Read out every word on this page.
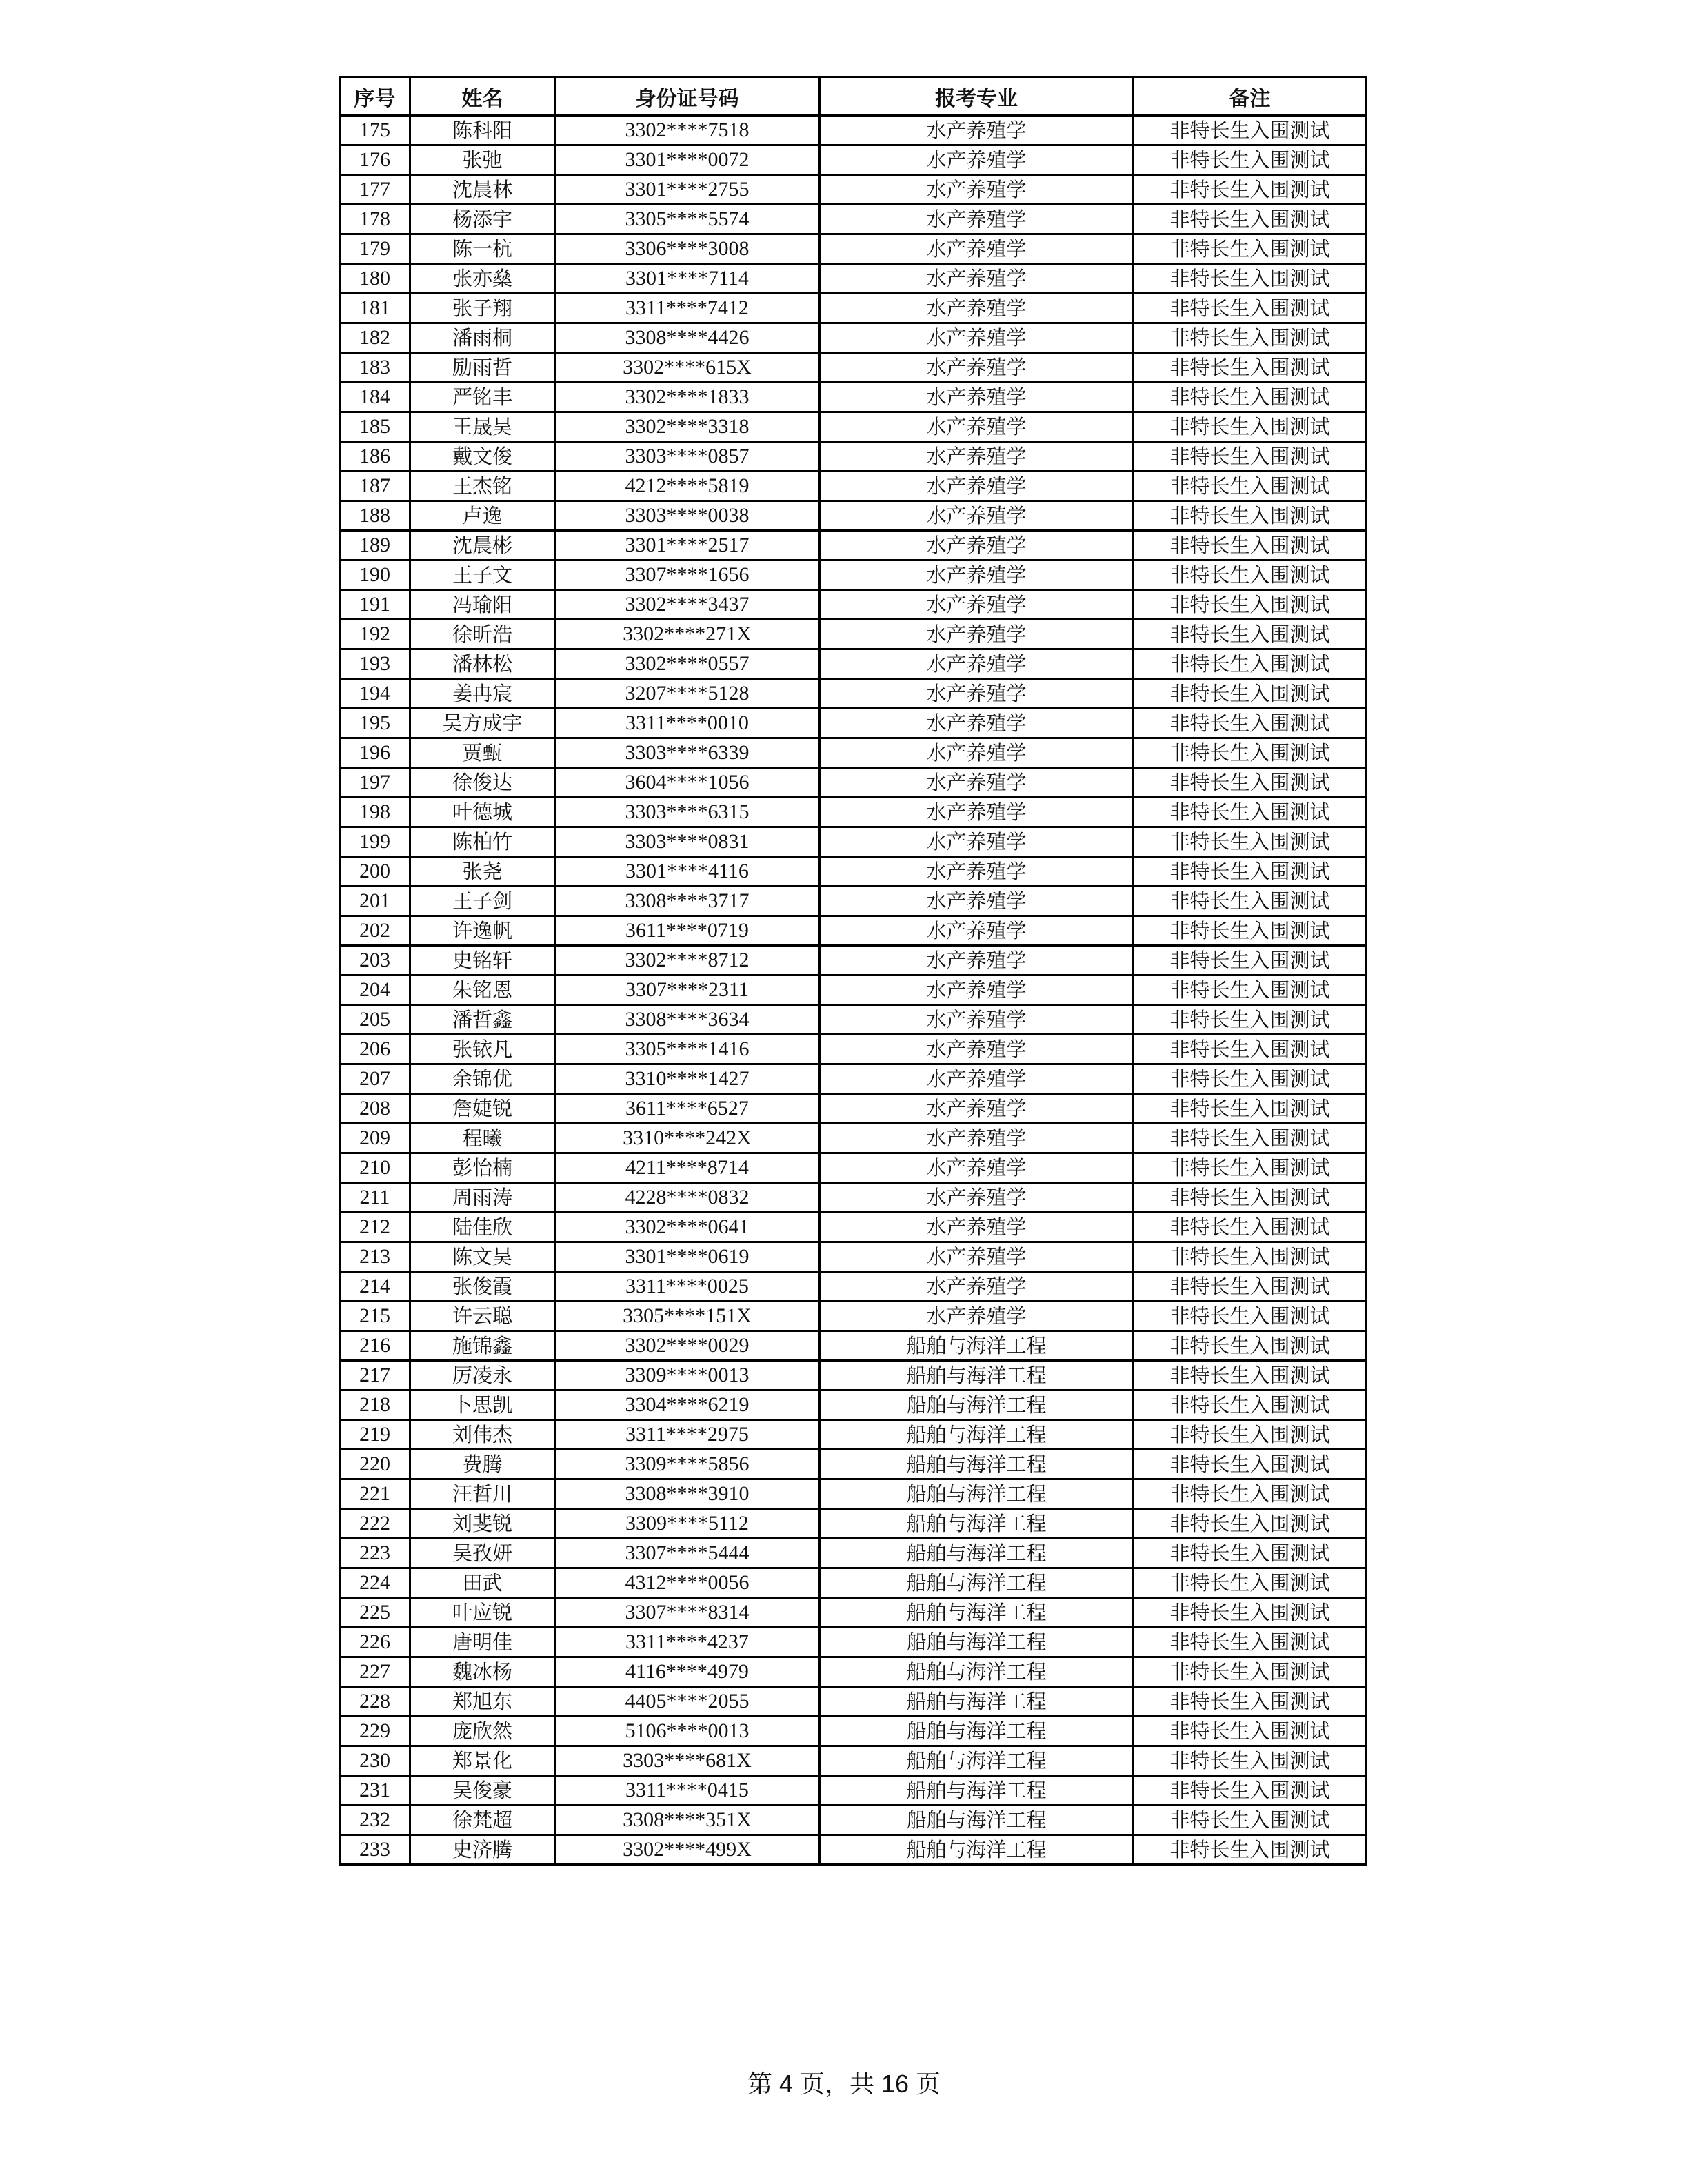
序号	姓名	身份证号码	报考专业	备注
175	陈科阳	3302****7518	水产养殖学	非特长生入围测试
176	张弛	3301****0072	水产养殖学	非特长生入围测试
177	沈晨林	3301****2755	水产养殖学	非特长生入围测试
178	杨添宇	3305****5574	水产养殖学	非特长生入围测试
179	陈一杭	3306****3008	水产养殖学	非特长生入围测试
180	张亦燊	3301****7114	水产养殖学	非特长生入围测试
181	张子翔	3311****7412	水产养殖学	非特长生入围测试
182	潘雨桐	3308****4426	水产养殖学	非特长生入围测试
183	励雨哲	3302****615X	水产养殖学	非特长生入围测试
184	严铭丰	3302****1833	水产养殖学	非特长生入围测试
185	王晟昊	3302****3318	水产养殖学	非特长生入围测试
186	戴文俊	3303****0857	水产养殖学	非特长生入围测试
187	王杰铭	4212****5819	水产养殖学	非特长生入围测试
188	卢逸	3303****0038	水产养殖学	非特长生入围测试
189	沈晨彬	3301****2517	水产养殖学	非特长生入围测试
190	王子文	3307****1656	水产养殖学	非特长生入围测试
191	冯瑜阳	3302****3437	水产养殖学	非特长生入围测试
192	徐昕浩	3302****271X	水产养殖学	非特长生入围测试
193	潘林松	3302****0557	水产养殖学	非特长生入围测试
194	姜冉宸	3207****5128	水产养殖学	非特长生入围测试
195	吴方成宇	3311****0010	水产养殖学	非特长生入围测试
196	贾甄	3303****6339	水产养殖学	非特长生入围测试
197	徐俊达	3604****1056	水产养殖学	非特长生入围测试
198	叶德城	3303****6315	水产养殖学	非特长生入围测试
199	陈柏竹	3303****0831	水产养殖学	非特长生入围测试
200	张尧	3301****4116	水产养殖学	非特长生入围测试
201	王子剑	3308****3717	水产养殖学	非特长生入围测试
202	许逸帆	3611****0719	水产养殖学	非特长生入围测试
203	史铭轩	3302****8712	水产养殖学	非特长生入围测试
204	朱铭恩	3307****2311	水产养殖学	非特长生入围测试
205	潘哲鑫	3308****3634	水产养殖学	非特长生入围测试
206	张铱凡	3305****1416	水产养殖学	非特长生入围测试
207	余锦优	3310****1427	水产养殖学	非特长生入围测试
208	詹婕锐	3611****6527	水产养殖学	非特长生入围测试
209	程曦	3310****242X	水产养殖学	非特长生入围测试
210	彭怡楠	4211****8714	水产养殖学	非特长生入围测试
211	周雨涛	4228****0832	水产养殖学	非特长生入围测试
212	陆佳欣	3302****0641	水产养殖学	非特长生入围测试
213	陈文昊	3301****0619	水产养殖学	非特长生入围测试
214	张俊霞	3311****0025	水产养殖学	非特长生入围测试
215	许云聪	3305****151X	水产养殖学	非特长生入围测试
216	施锦鑫	3302****0029	船舶与海洋工程	非特长生入围测试
217	厉凌永	3309****0013	船舶与海洋工程	非特长生入围测试
218	卜思凯	3304****6219	船舶与海洋工程	非特长生入围测试
219	刘伟杰	3311****2975	船舶与海洋工程	非特长生入围测试
220	费腾	3309****5856	船舶与海洋工程	非特长生入围测试
221	汪哲川	3308****3910	船舶与海洋工程	非特长生入围测试
222	刘斐锐	3309****5112	船舶与海洋工程	非特长生入围测试
223	吴孜妍	3307****5444	船舶与海洋工程	非特长生入围测试
224	田武	4312****0056	船舶与海洋工程	非特长生入围测试
225	叶应锐	3307****8314	船舶与海洋工程	非特长生入围测试
226	唐明佳	3311****4237	船舶与海洋工程	非特长生入围测试
227	魏冰杨	4116****4979	船舶与海洋工程	非特长生入围测试
228	郑旭东	4405****2055	船舶与海洋工程	非特长生入围测试
229	庞欣然	5106****0013	船舶与海洋工程	非特长生入围测试
230	郑景化	3303****681X	船舶与海洋工程	非特长生入围测试
231	吴俊豪	3311****0415	船舶与海洋工程	非特长生入围测试
232	徐梵超	3308****351X	船舶与海洋工程	非特长生入围测试
233	史济腾	3302****499X	船舶与海洋工程	非特长生入围测试
第 4 页，共 16 页
